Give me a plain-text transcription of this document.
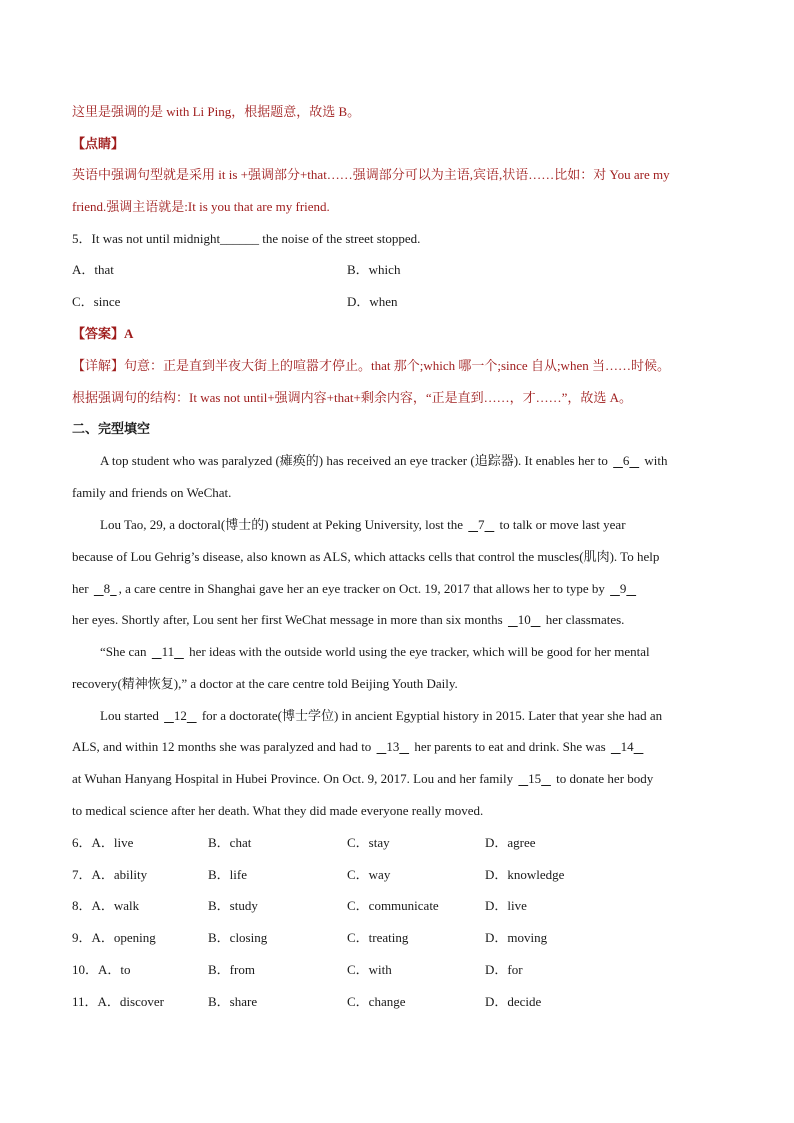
这里是强调的是 with Li Ping，根据题意，故选 B。
【点睛】
英语中强调句型就是采用 it is +强调部分+that……强调部分可以为主语,宾语,状语……比如：对 You are my
friend.强调主语就是:It is you that are my friend.
5．It was not until midnight______ the noise of the street stopped.
A．that	B．which
C．since	D．when
【答案】A
【详解】句意：正是直到半夜大街上的喧嚣才停止。that 那个;which 哪一个;since 自从;when 当……时候。
根据强调句的结构：It was not until+强调内容+that+剩余内容，“正是直到……，才……”，故选 A。
二、完型填空
A top student who was paralyzed (瘫痪的) has received an eye tracker (追踪器). It enables her to 6 with
family and friends on WeChat.
Lou Tao, 29, a doctoral(博士的) student at Peking University, lost the 7 to talk or move last year
because of Lou Gehrig’s disease, also known as ALS, which attacks cells that control the muscles(肌肉). To help
her 8 , a care centre in Shanghai gave her an eye tracker on Oct. 19, 2017 that allows her to type by 9
her eyes. Shortly after, Lou sent her first WeChat message in more than six months 10 her classmates.
“She can 11 her ideas with the outside world using the eye tracker, which will be good for her mental
recovery(精神恢复),” a doctor at the care centre told Beijing Youth Daily.
Lou started 12 for a doctorate(博士学位) in ancient Egyptial history in 2015. Later that year she had an
ALS, and within 12 months she was paralyzed and had to 13 her parents to eat and drink. She was 14
at Wuhan Hanyang Hospital in Hubei Province. On Oct. 9, 2017. Lou and her family 15 to donate her body
to medical science after her death. What they did made everyone really moved.
6．A．live	B．chat	C．stay	D．agree
7．A．ability	B．life	C．way	D．knowledge
8．A．walk	B．study	C．communicate	D．live
9．A．opening	B．closing	C．treating	D．moving
10．A．to	B．from	C．with	D．for
11．A．discover	B．share	C．change	D．decide
